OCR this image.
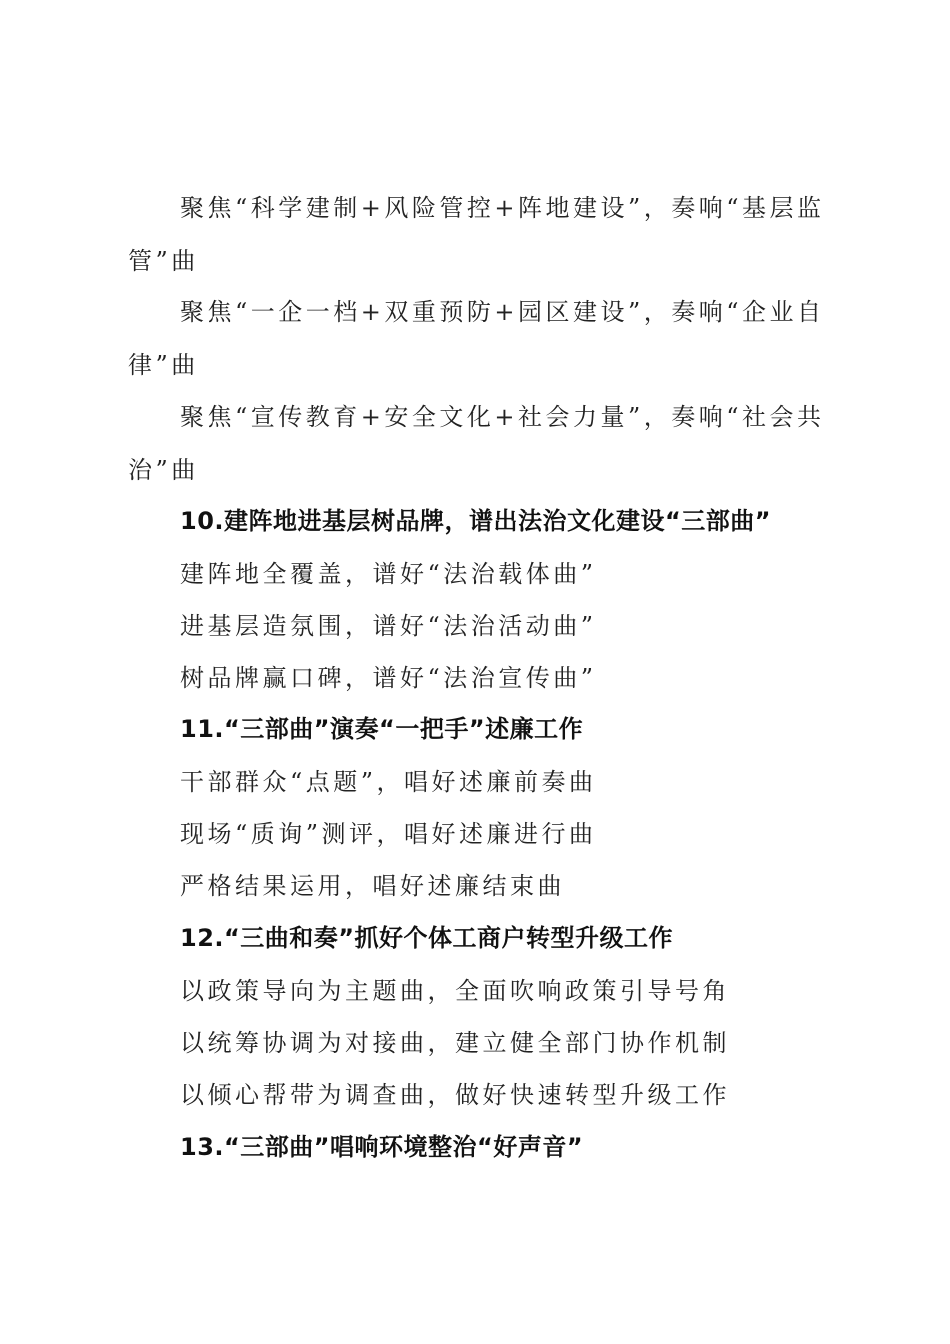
聚焦“科学建制+风险管控+阵地建设”，奏响“基层监
管”曲
聚焦“一企一档+双重预防+园区建设”，奏响“企业自
律”曲
聚焦“宣传教育+安全文化+社会力量”，奏响“社会共
治”曲
10.建阵地进基层树品牌，谱出法治文化建设“三部曲”
建阵地全覆盖，谱好“法治载体曲”
进基层造氛围，谱好“法治活动曲”
树品牌赢口碑，谱好“法治宣传曲”
11.“三部曲”演奏“一把手”述廉工作
干部群众“点题”，唱好述廉前奏曲
现场“质询”测评，唱好述廉进行曲
严格结果运用，唱好述廉结束曲
12.“三曲和奏”抓好个体工商户转型升级工作
以政策导向为主题曲，全面吹响政策引导号角
以统筹协调为对接曲，建立健全部门协作机制
以倾心帮带为调查曲，做好快速转型升级工作
13.“三部曲”唱响环境整治“好声音”
